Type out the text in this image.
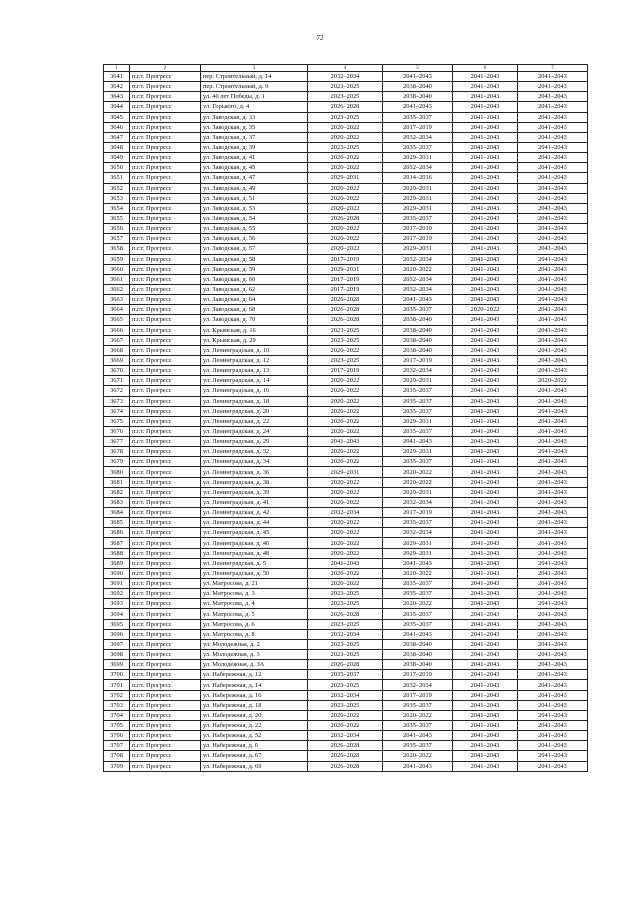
72
1	2	3	4	5	6	7
3641	п.г.т. Прогресс	пер. Строительный, д. 14	2032–2034	2041–2043	2041–2043	2041–2043
3642	п.г.т. Прогресс	пер. Строительный, д. 9	2023–2025	2038–2040	2041–2043	2041–2043
3643	п.г.т. Прогресс	ул. 40 лет Победы, д. 1	2023–2025	2038–2040	2041–2043	2041–2043
3644	п.г.т. Прогресс	ул. Горького, д. 4	2026–2028	2041–2043	2041–2043	2041–2043
3645	п.г.т. Прогресс	ул. Заводская, д. 33	2023–2025	2035–2037	2041–2043	2041–2043
3646	п.г.т. Прогресс	ул. Заводская, д. 35	2020–2022	2017–2019	2041–2043	2041–2043
3647	п.г.т. Прогресс	ул. Заводская, д. 37	2020–2022	2032–2034	2041–2043	2041–2043
3648	п.г.т. Прогресс	ул. Заводская, д. 39	2023–2025	2035–2037	2041–2043	2041–2043
3649	п.г.т. Прогресс	ул. Заводская, д. 41	2020–2022	2029–2031	2041–2043	2041–2043
3650	п.г.т. Прогресс	ул. Заводская, д. 45	2020–2022	2032–2034	2041–2043	2041–2043
3651	п.г.т. Прогресс	ул. Заводская, д. 47	2029–2031	2014–2016	2041–2043	2041–2043
3652	п.г.т. Прогресс	ул. Заводская, д. 49	2020–2022	2029–2031	2041–2043	2041–2043
3653	п.г.т. Прогресс	ул. Заводская, д. 51	2020–2022	2029–2031	2041–2043	2041–2043
3654	п.г.т. Прогресс	ул. Заводская, д. 53	2020–2022	2029–2031	2041–2043	2041–2043
3655	п.г.т. Прогресс	ул. Заводская, д. 54	2026–2028	2035–2037	2041–2043	2041–2043
3656	п.г.т. Прогресс	ул. Заводская, д. 55	2020–2022	2017–2019	2041–2043	2041–2043
3657	п.г.т. Прогресс	ул. Заводская, д. 56	2020–2022	2017–2019	2041–2043	2041–2043
3658	п.г.т. Прогресс	ул. Заводская, д. 57	2020–2022	2029–2031	2041–2043	2041–2043
3659	п.г.т. Прогресс	ул. Заводская, д. 58	2017–2019	2032–2034	2041–2043	2041–2043
3660	п.г.т. Прогресс	ул. Заводская, д. 59	2029–2031	2020–2022	2041–2043	2041–2043
3661	п.г.т. Прогресс	ул. Заводская, д. 60	2017–2019	2032–2034	2041–2043	2041–2043
3662	п.г.т. Прогресс	ул. Заводская, д. 62	2017–2019	2032–2034	2041–2043	2041–2043
3663	п.г.т. Прогресс	ул. Заводская, д. 64	2026–2028	2041–2043	2041–2043	2041–2043
3664	п.г.т. Прогресс	ул. Заводская, д. 68	2026–2028	2035–2037	2020–2022	2041–2043
3665	п.г.т. Прогресс	ул. Заводская, д. 70	2026–2028	2038–2040	2041–2043	2041–2043
3666	п.г.т. Прогресс	ул. Крымская, д. 16	2023–2025	2038–2040	2041–2043	2041–2043
3667	п.г.т. Прогресс	ул. Крымская, д. 29	2023–2025	2038–2040	2041–2043	2041–2043
3668	п.г.т. Прогресс	ул. Ленинградская, д. 10	2020–2022	2038–2040	2041–2043	2041–2043
3669	п.г.т. Прогресс	ул. Ленинградская, д. 12	2023–2025	2017–2019	2041–2043	2041–2043
3670	п.г.т. Прогресс	ул. Ленинградская, д. 13	2017–2019	2032–2034	2041–2043	2041–2043
3671	п.г.т. Прогресс	ул. Ленинградская, д. 14	2020–2022	2029–2031	2041–2043	2020–2022
3672	п.г.т. Прогресс	ул. Ленинградская, д. 16	2020–2022	2035–2037	2041–2043	2041–2043
3673	п.г.т. Прогресс	ул. Ленинградская, д. 18	2020–2022	2035–2037	2041–2043	2041–2043
3674	п.г.т. Прогресс	ул. Ленинградская, д. 20	2020–2022	2035–2037	2041–2043	2041–2043
3675	п.г.т. Прогресс	ул. Ленинградская, д. 22	2020–2022	2029–2031	2041–2043	2041–2043
3676	п.г.т. Прогресс	ул. Ленинградская, д. 24	2020–2022	2035–2037	2041–2043	2041–2043
3677	п.г.т. Прогресс	ул. Ленинградская, д. 29	2041–2043	2041–2043	2041–2043	2041–2043
3678	п.г.т. Прогресс	ул. Ленинградская, д. 32	2020–2022	2029–2031	2041–2043	2041–2043
3679	п.г.т. Прогресс	ул. Ленинградская, д. 34	2020–2022	2035–2037	2041–2043	2041–2043
3680	п.г.т. Прогресс	ул. Ленинградская, д. 36	2029–2031	2020–2022	2041–2043	2041–2043
3681	п.г.т. Прогресс	ул. Ленинградская, д. 38	2020–2022	2020–2022	2041–2043	2041–2043
3682	п.г.т. Прогресс	ул. Ленинградская, д. 39	2020–2022	2029–2031	2041–2043	2041–2043
3683	п.г.т. Прогресс	ул. Ленинградская, д. 41	2020–2022	2032–2034	2041–2043	2041–2043
3684	п.г.т. Прогресс	ул. Ленинградская, д. 42	2032–2034	2017–2019	2041–2043	2041–2043
3685	п.г.т. Прогресс	ул. Ленинградская, д. 44	2020–2022	2035–2037	2041–2043	2041–2043
3686	п.г.т. Прогресс	ул. Ленинградская, д. 45	2020–2022	2032–2034	2041–2043	2041–2043
3687	п.г.т. Прогресс	ул. Ленинградская, д. 46	2020–2022	2029–2031	2041–2043	2041–2043
3688	п.г.т. Прогресс	ул. Ленинградская, д. 48	2020–2022	2029–2031	2041–2043	2041–2043
3689	п.г.т. Прогресс	ул. Ленинградская, д. 5	2041–2043	2041–2043	2041–2043	2041–2043
3690	п.г.т. Прогресс	ул. Ленинградская, д. 50	2020–2022	2020–2022	2041–2043	2041–2043
3691	п.г.т. Прогресс	ул. Матросова, д. 21	2020–2022	2035–2037	2041–2043	2041–2043
3692	п.г.т. Прогресс	ул. Матросова, д. 3	2023–2025	2035–2037	2041–2043	2041–2043
3693	п.г.т. Прогресс	ул. Матросова, д. 4	2023–2025	2020–2022	2041–2043	2041–2043
3694	п.г.т. Прогресс	ул. Матросова, д. 5	2026–2028	2035–2037	2041–2043	2041–2043
3695	п.г.т. Прогресс	ул. Матросова, д. 6	2023–2025	2035–2037	2041–2043	2041–2043
3696	п.г.т. Прогресс	ул. Матросова, д. 8	2032–2034	2041–2043	2041–2043	2041–2043
3697	п.г.т. Прогресс	ул. Молодежная, д. 2	2023–2025	2038–2040	2041–2043	2041–2043
3698	п.г.т. Прогресс	ул. Молодежная, д. 3	2023–2025	2038–2040	2041–2043	2041–2043
3699	п.г.т. Прогресс	ул. Молодежная, д. 3А	2026–2028	2038–2040	2041–2043	2041–2043
3700	п.г.т. Прогресс	ул. Набережная, д. 12	2035–2037	2017–2019	2041–2043	2041–2043
3701	п.г.т. Прогресс	ул. Набережная, д. 14	2023–2025	2032–2034	2041–2043	2041–2043
3702	п.г.т. Прогресс	ул. Набережная, д. 16	2032–2034	2017–2019	2041–2043	2041–2043
3703	п.г.т. Прогресс	ул. Набережная, д. 18	2023–2025	2035–2037	2041–2043	2041–2043
3704	п.г.т. Прогресс	ул. Набережная, д. 20	2020–2022	2020–2022	2041–2043	2041–2043
3705	п.г.т. Прогресс	ул. Набережная, д. 22	2020–2022	2035–2037	2041–2043	2041–2043
3706	п.г.т. Прогресс	ул. Набережная, д. 52	2032–2034	2041–2043	2041–2043	2041–2043
3707	п.г.т. Прогресс	ул. Набережная, д. 6	2026–2028	2035–2037	2041–2043	2041–2043
3708	п.г.т. Прогресс	ул. Набережная, д. 67	2026–2028	2020–2022	2041–2043	2041–2043
3709	п.г.т. Прогресс	ул. Набережная, д. 69	2026–2028	2041–2043	2041–2043	2041–2043
